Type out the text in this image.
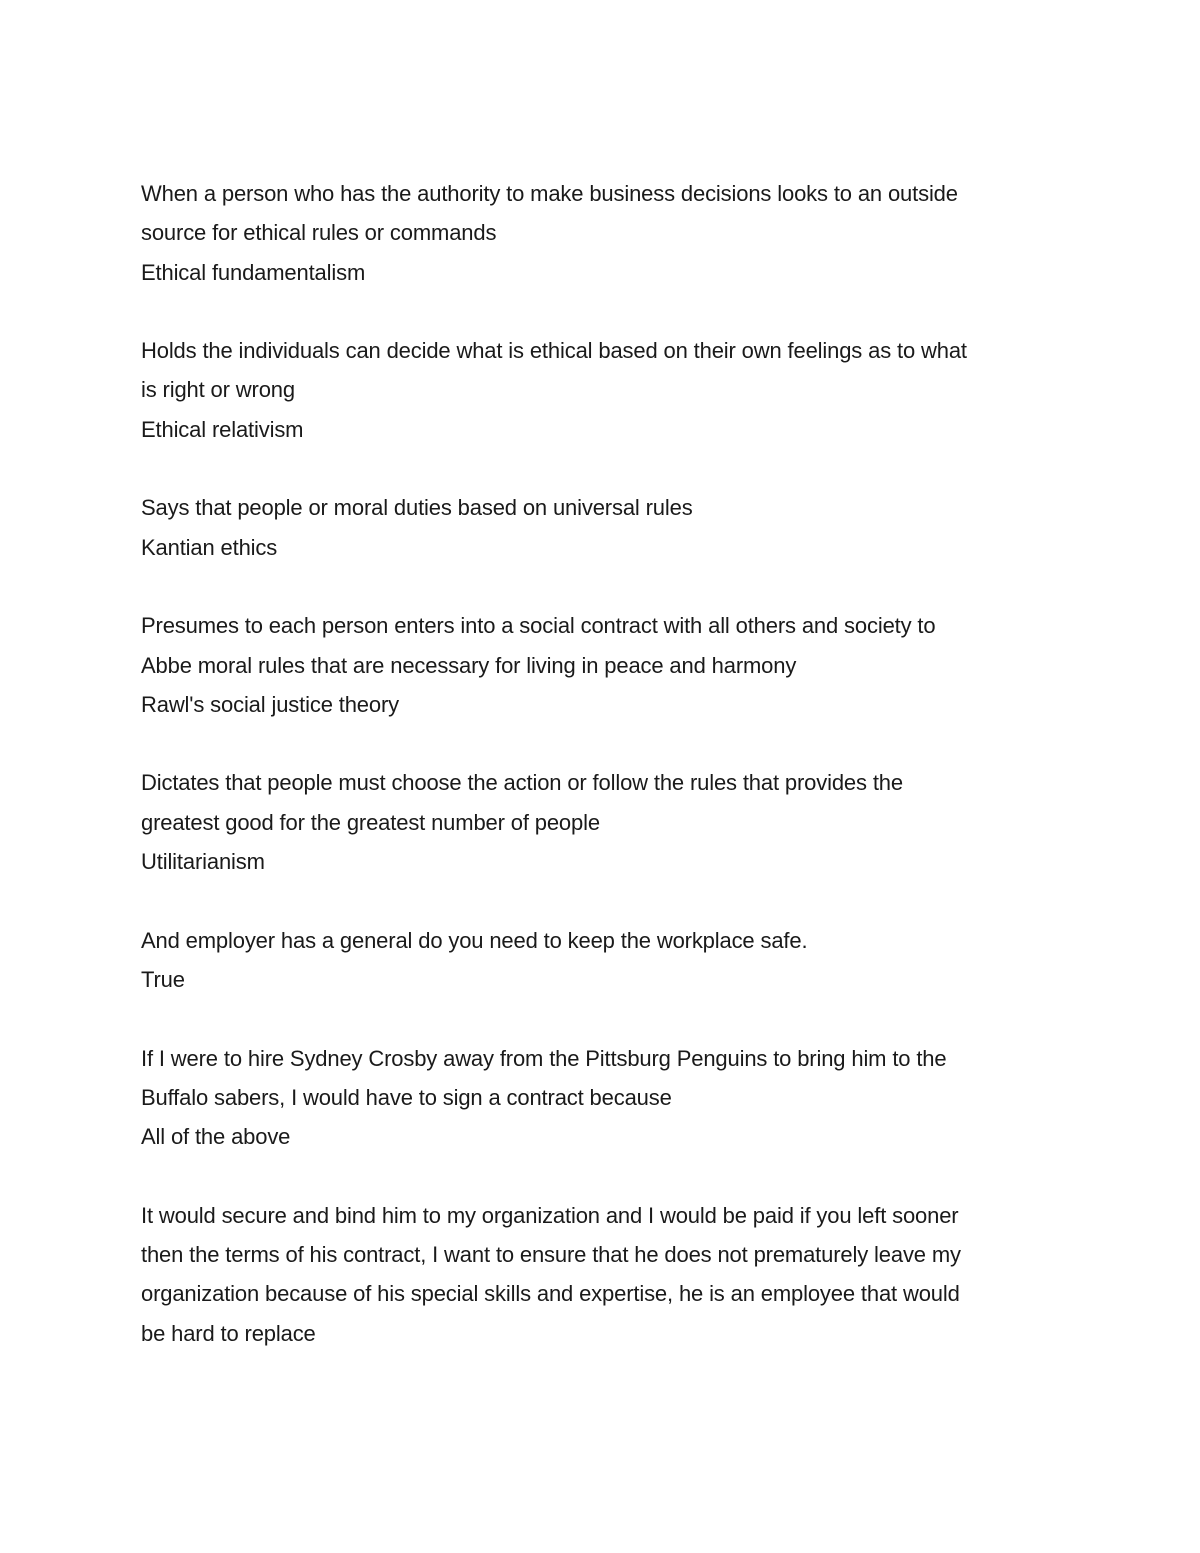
When a person who has the authority to make business decisions looks to an outside
source for ethical rules or commands
Ethical fundamentalism
Holds the individuals can decide what is ethical based on their own feelings as to what
is right or wrong
Ethical relativism
Says that people or moral duties based on universal rules
Kantian ethics
Presumes to each person enters into a social contract with all others and society to
Abbe moral rules that are necessary for living in peace and harmony
Rawl's social justice theory
Dictates that people must choose the action or follow the rules that provides the
greatest good for the greatest number of people
Utilitarianism
And employer has a general do you need to keep the workplace safe.
True
If I were to hire Sydney Crosby away from the Pittsburg Penguins to bring him to the
Buffalo sabers, I would have to sign a contract because
All of the above
It would secure and bind him to my organization and I would be paid if you left sooner
then the terms of his contract, I want to ensure that he does not prematurely leave my
organization because of his special skills and expertise, he is an employee that would
be hard to replace
